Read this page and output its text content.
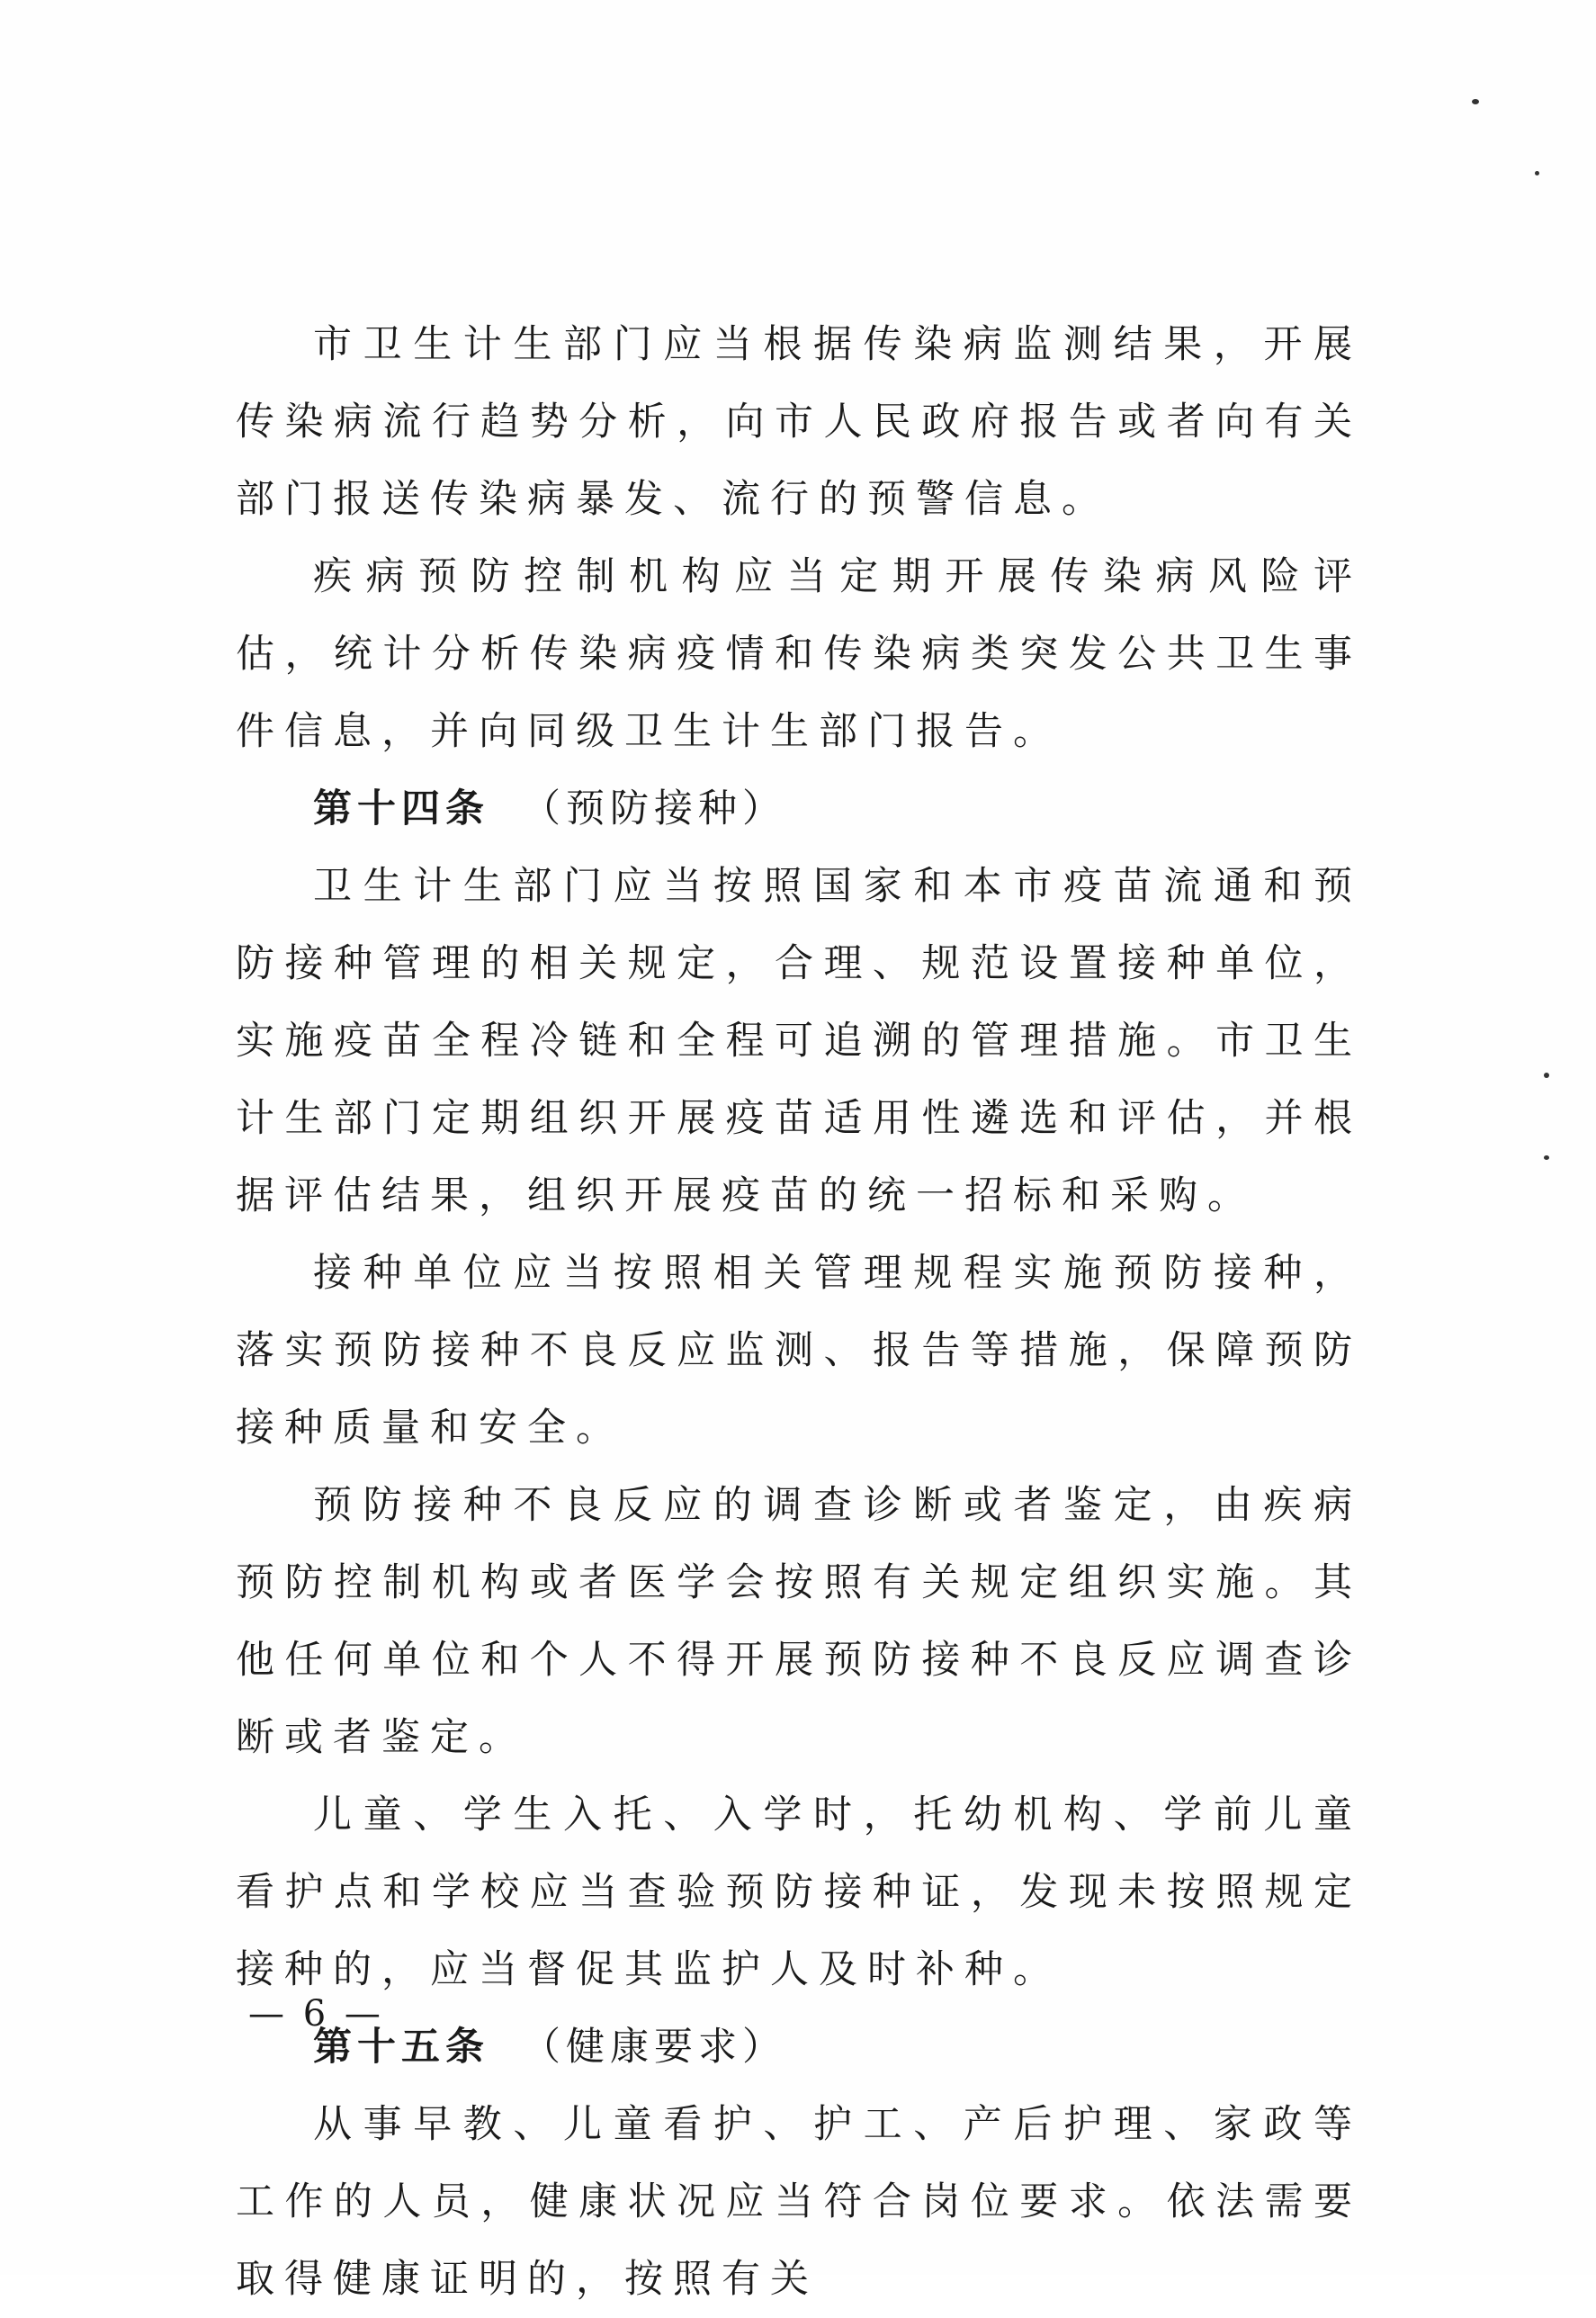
市卫生计生部门应当根据传染病监测结果，开展传染病流行趋势分析，向市人民政府报告或者向有关部门报送传染病暴发、流行的预警信息。

疾病预防控制机构应当定期开展传染病风险评估，统计分析传染病疫情和传染病类突发公共卫生事件信息，并向同级卫生计生部门报告。

第十四条 （预防接种）

卫生计生部门应当按照国家和本市疫苗流通和预防接种管理的相关规定，合理、规范设置接种单位，实施疫苗全程冷链和全程可追溯的管理措施。市卫生计生部门定期组织开展疫苗适用性遴选和评估，并根据评估结果，组织开展疫苗的统一招标和采购。

接种单位应当按照相关管理规程实施预防接种，落实预防接种不良反应监测、报告等措施，保障预防接种质量和安全。

预防接种不良反应的调查诊断或者鉴定，由疾病预防控制机构或者医学会按照有关规定组织实施。其他任何单位和个人不得开展预防接种不良反应调查诊断或者鉴定。

儿童、学生入托、入学时，托幼机构、学前儿童看护点和学校应当查验预防接种证，发现未按照规定接种的，应当督促其监护人及时补种。

第十五条 （健康要求）

从事早教、儿童看护、护工、产后护理、家政等工作的人员，健康状况应当符合岗位要求。依法需要取得健康证明的，按照有关

— 6 —
